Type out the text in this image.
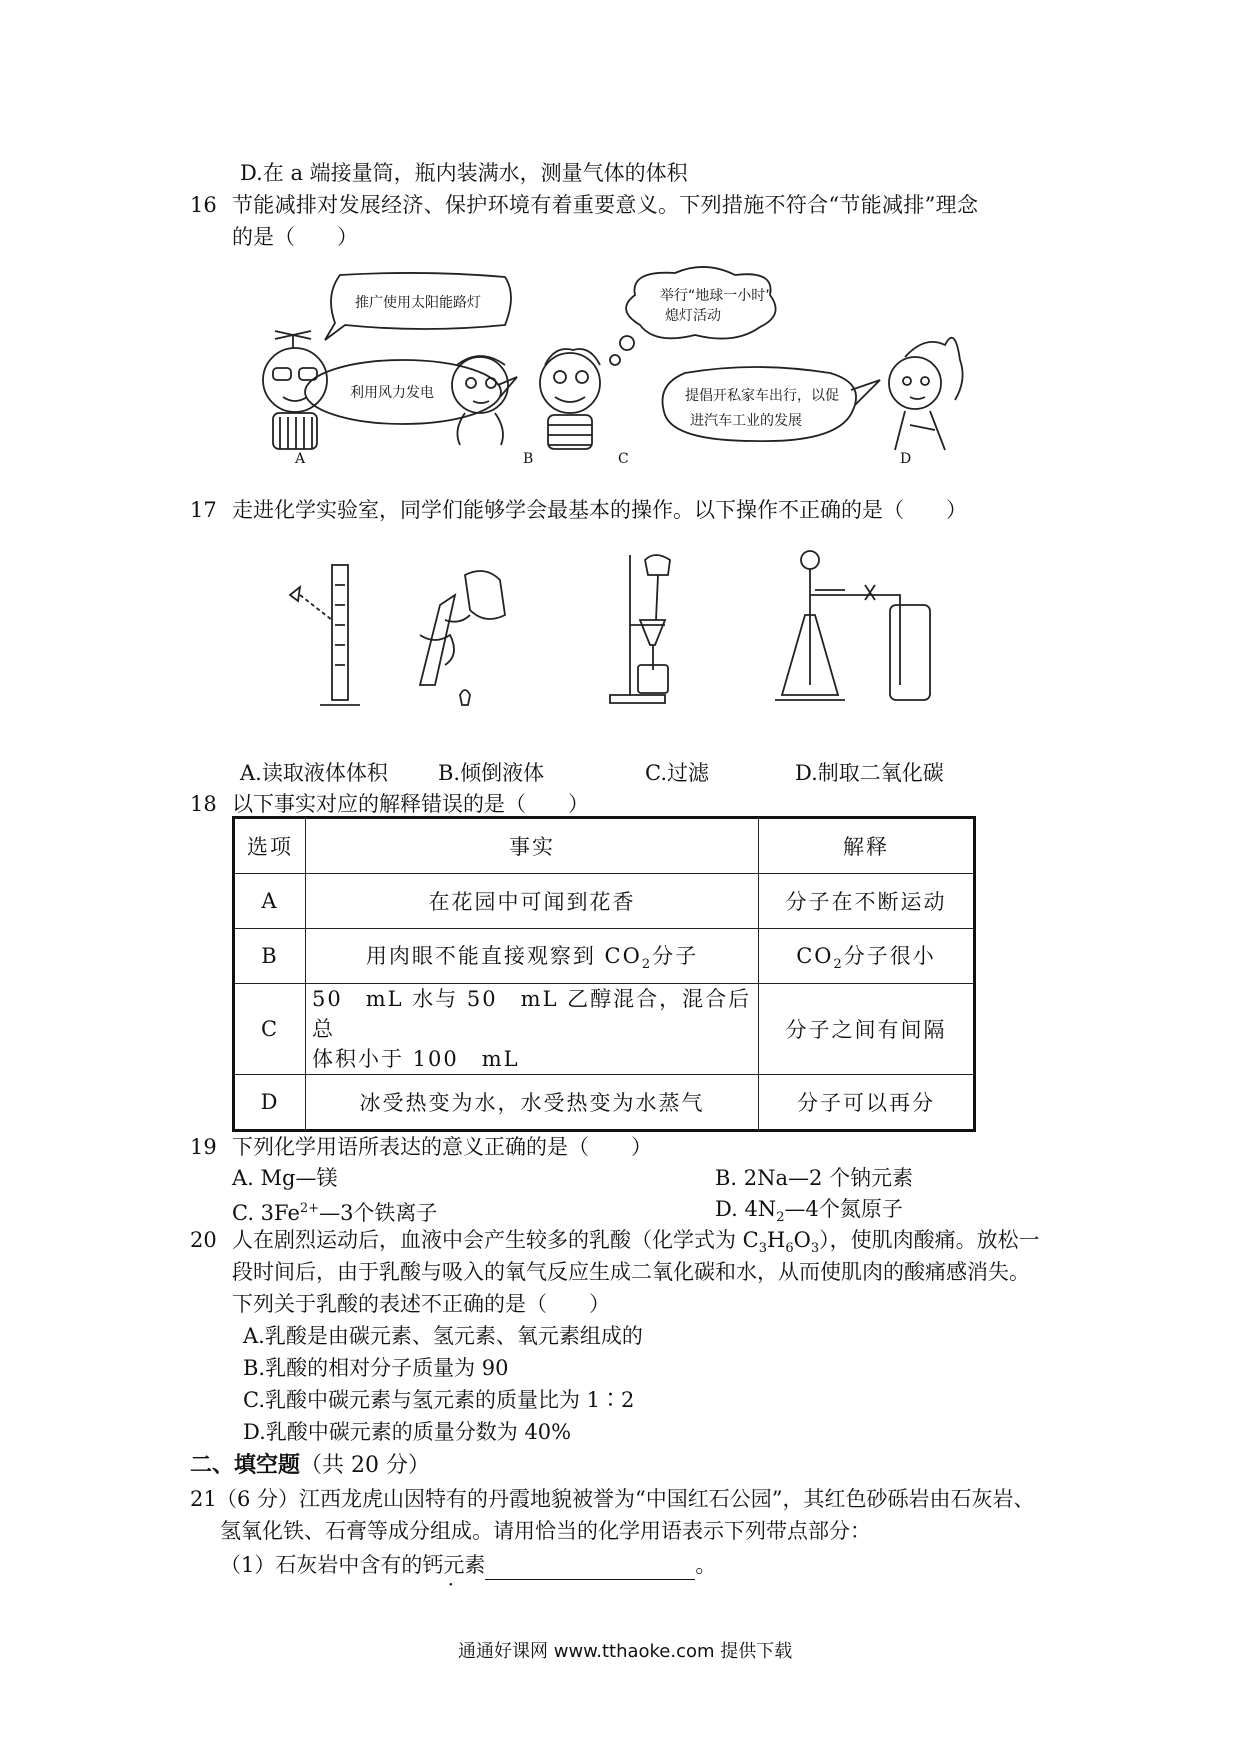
D.在 a 端接量筒，瓶内装满水，测量气体的体积
16 节能减排对发展经济、保护环境有着重要意义。下列措施不符合“节能减排”理念
的是（　　）
推广使用太阳能路灯
利用风力发电
举行“地球一小时”
熄灯活动
提倡开私家车出行，以促
进汽车工业的发展
A	B	C	D
17 走进化学实验室，同学们能够学会最基本的操作。以下操作不正确的是（　　）
A.读取液体体积 B.倾倒液体	C.过滤	D.制取二氧化碳
18 以下事实对应的解释错误的是（　　）
选项	事实	解释
A	在花园中可闻到花香	分子在不断运动
B	用肉眼不能直接观察到 $CO_2$分子	$CO_2$分子很小
C	50　mL 水与 50　mL 乙醇混合，混合后总
体积小于 100　mL	分子之间有间隔
D	冰受热变为水，水受热变为水蒸气	分子可以再分
19 下列化学用语所表达的意义正确的是（　　）
A. Mg—镁	B. 2Na—2 个钠元素
C. $3Fe^{2+}—3$个铁离子	D. $4N_2—4$个氮原子
20 人在剧烈运动后，血液中会产生较多的乳酸（化学式为 $C_3H_6O_3$），使肌肉酸痛。放松一
段时间后，由于乳酸与吸入的氧气反应生成二氧化碳和水，从而使肌肉的酸痛感消失。
下列关于乳酸的表述不正确的是（　　）
A.乳酸是由碳元素、氢元素、氧元素组成的
B.乳酸的相对分子质量为 90
C.乳酸中碳元素与氢元素的质量比为 1∶2
D.乳酸中碳元素的质量分数为 40%
二、填空题（共 20 分）
21 （6 分）江西龙虎山因特有的丹霞地貌被誉为“中国红石公园”，其红色砂砾岩由石灰岩、
氢氧化铁、石膏等成分组成。请用恰当的化学用语表示下列带点部分：
（1）石灰岩中含有的钙元素	。
通通好课网 www.tthaoke.com 提供下载
